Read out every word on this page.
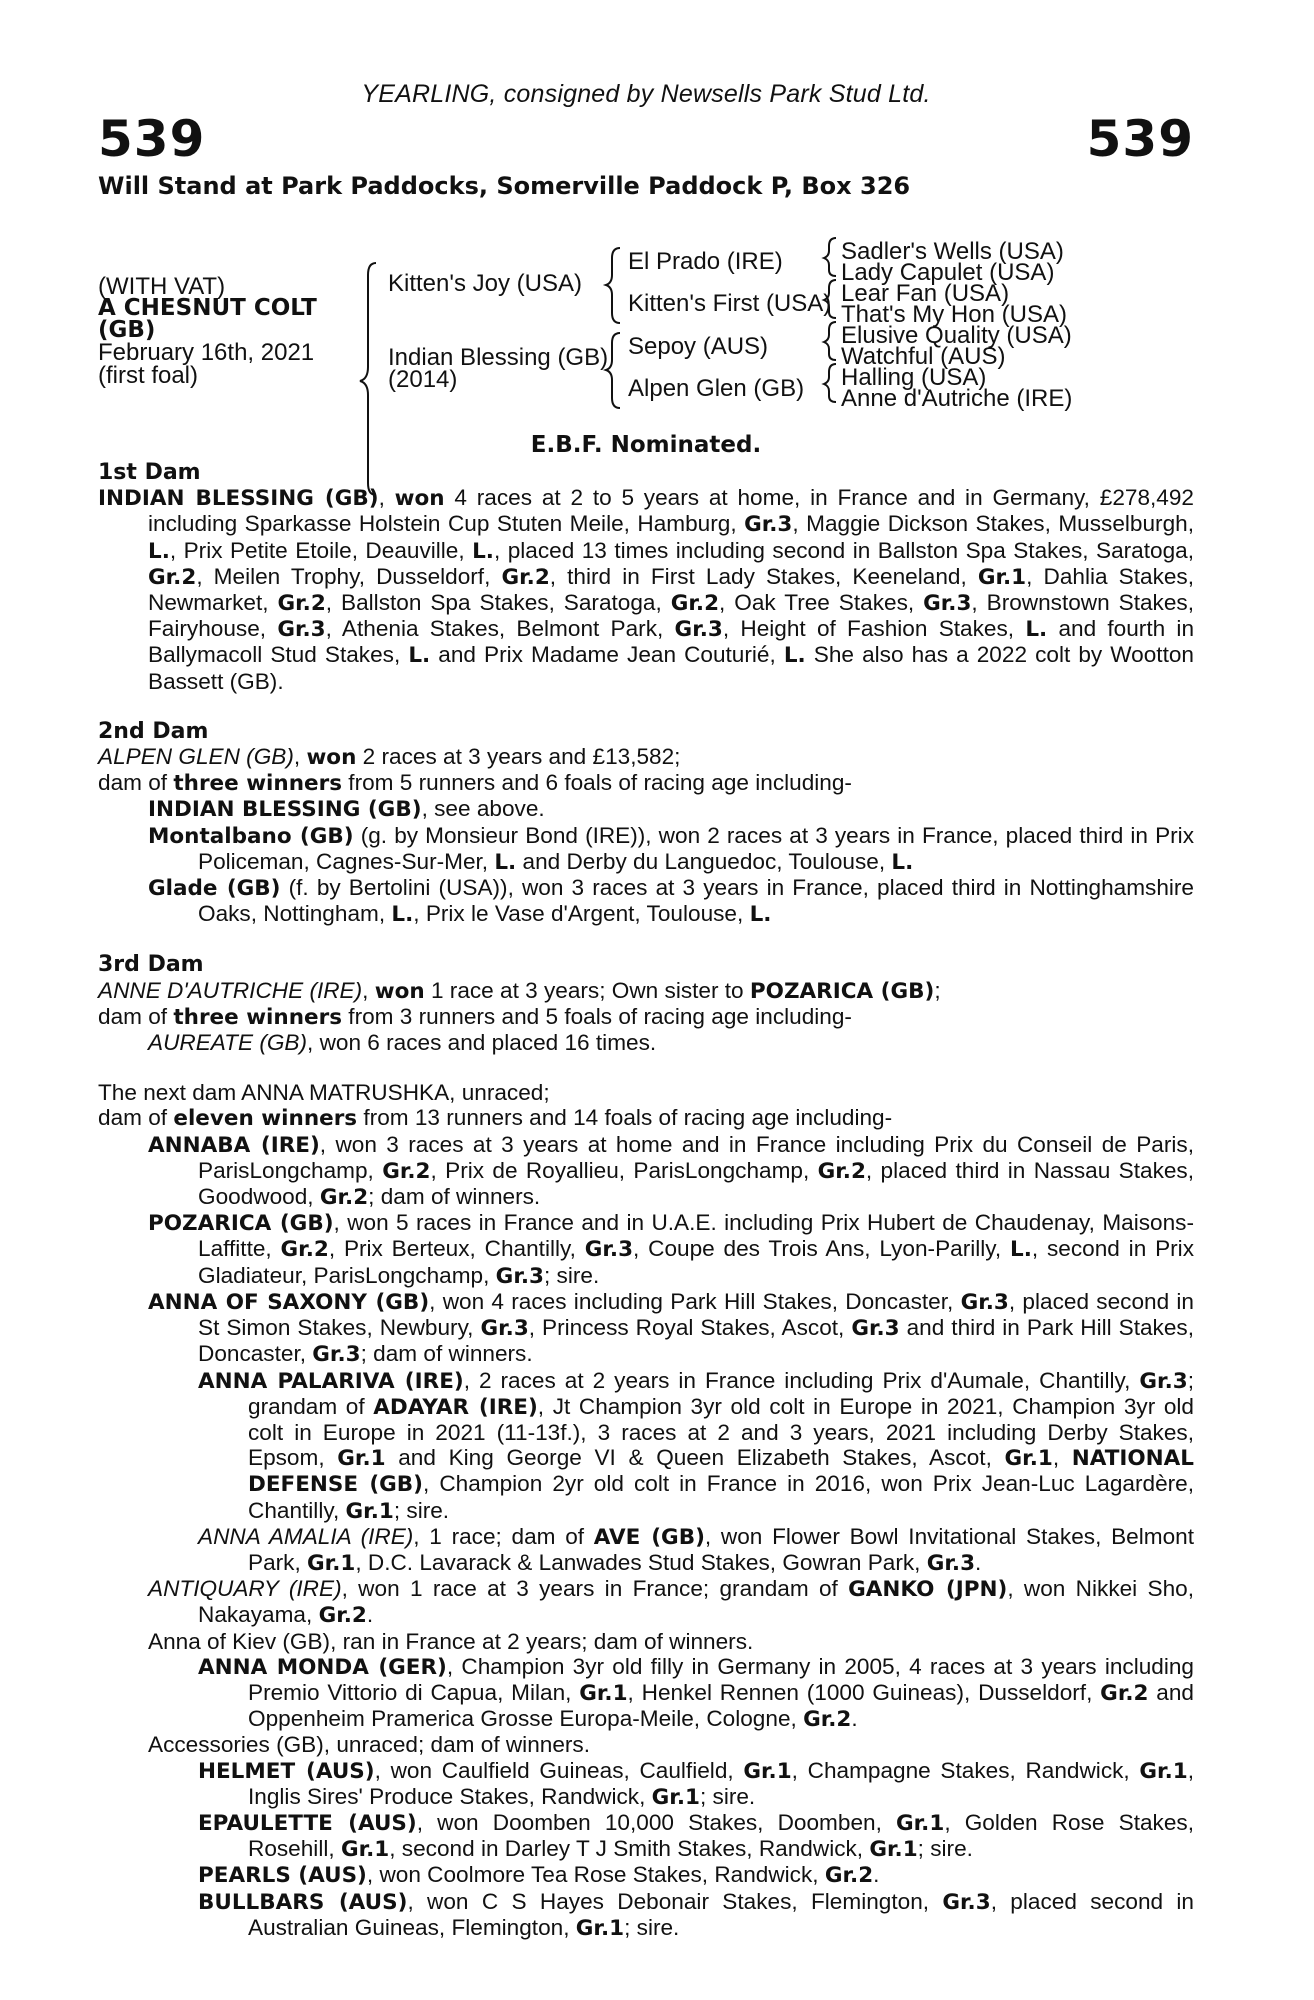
YEARLING, consigned by Newsells Park Stud Ltd.
539	539
Will Stand at Park Paddocks, Somerville Paddock P, Box 326
(WITH VAT)
A CHESNUT COLT
(GB)
February 16th, 2021
(first foal)
Kitten's Joy (USA)
Indian Blessing (GB)
(2014)
El Prado (IRE)
Kitten's First (USA)
Sepoy (AUS)
Alpen Glen (GB)
Sadler's Wells (USA)
Lady Capulet (USA)
Lear Fan (USA)
That's My Hon (USA)
Elusive Quality (USA)
Watchful (AUS)
Halling (USA)
Anne d'Autriche (IRE)
E.B.F. Nominated.
1st Dam
INDIAN BLESSING (GB), won 4 races at 2 to 5 years at home, in France and in Germany, £278,492 including Sparkasse Holstein Cup Stuten Meile, Hamburg, Gr.3, Maggie Dickson Stakes, Musselburgh, L., Prix Petite Etoile, Deauville, L., placed 13 times including second in Ballston Spa Stakes, Saratoga, Gr.2, Meilen Trophy, Dusseldorf, Gr.2, third in First Lady Stakes, Keeneland, Gr.1, Dahlia Stakes, Newmarket, Gr.2, Ballston Spa Stakes, Saratoga, Gr.2, Oak Tree Stakes, Gr.3, Brownstown Stakes, Fairyhouse, Gr.3, Athenia Stakes, Belmont Park, Gr.3, Height of Fashion Stakes, L. and fourth in Ballymacoll Stud Stakes, L. and Prix Madame Jean Couturié, L. She also has a 2022 colt by Wootton Bassett (GB).
2nd Dam
ALPEN GLEN (GB), won 2 races at 3 years and £13,582;
dam of three winners from 5 runners and 6 foals of racing age including-
INDIAN BLESSING (GB), see above.
Montalbano (GB) (g. by Monsieur Bond (IRE)), won 2 races at 3 years in France, placed third in Prix Policeman, Cagnes-Sur-Mer, L. and Derby du Languedoc, Toulouse, L.
Glade (GB) (f. by Bertolini (USA)), won 3 races at 3 years in France, placed third in Nottinghamshire Oaks, Nottingham, L., Prix le Vase d'Argent, Toulouse, L.
3rd Dam
ANNE D'AUTRICHE (IRE), won 1 race at 3 years; Own sister to POZARICA (GB);
dam of three winners from 3 runners and 5 foals of racing age including-
AUREATE (GB), won 6 races and placed 16 times.
The next dam ANNA MATRUSHKA, unraced;
dam of eleven winners from 13 runners and 14 foals of racing age including-
ANNABA (IRE), won 3 races at 3 years at home and in France including Prix du Conseil de Paris, ParisLongchamp, Gr.2, Prix de Royallieu, ParisLongchamp, Gr.2, placed third in Nassau Stakes, Goodwood, Gr.2; dam of winners.
POZARICA (GB), won 5 races in France and in U.A.E. including Prix Hubert de Chaudenay, Maisons-Laffitte, Gr.2, Prix Berteux, Chantilly, Gr.3, Coupe des Trois Ans, Lyon-Parilly, L., second in Prix Gladiateur, ParisLongchamp, Gr.3; sire.
ANNA OF SAXONY (GB), won 4 races including Park Hill Stakes, Doncaster, Gr.3, placed second in St Simon Stakes, Newbury, Gr.3, Princess Royal Stakes, Ascot, Gr.3 and third in Park Hill Stakes, Doncaster, Gr.3; dam of winners.
ANNA PALARIVA (IRE), 2 races at 2 years in France including Prix d'Aumale, Chantilly, Gr.3; grandam of ADAYAR (IRE), Jt Champion 3yr old colt in Europe in 2021, Champion 3yr old colt in Europe in 2021 (11-13f.), 3 races at 2 and 3 years, 2021 including Derby Stakes, Epsom, Gr.1 and King George VI & Queen Elizabeth Stakes, Ascot, Gr.1, NATIONAL DEFENSE (GB), Champion 2yr old colt in France in 2016, won Prix Jean-Luc Lagardère, Chantilly, Gr.1; sire.
ANNA AMALIA (IRE), 1 race; dam of AVE (GB), won Flower Bowl Invitational Stakes, Belmont Park, Gr.1, D.C. Lavarack & Lanwades Stud Stakes, Gowran Park, Gr.3.
ANTIQUARY (IRE), won 1 race at 3 years in France; grandam of GANKO (JPN), won Nikkei Sho, Nakayama, Gr.2.
Anna of Kiev (GB), ran in France at 2 years; dam of winners.
ANNA MONDA (GER), Champion 3yr old filly in Germany in 2005, 4 races at 3 years including Premio Vittorio di Capua, Milan, Gr.1, Henkel Rennen (1000 Guineas), Dusseldorf, Gr.2 and Oppenheim Pramerica Grosse Europa-Meile, Cologne, Gr.2.
Accessories (GB), unraced; dam of winners.
HELMET (AUS), won Caulfield Guineas, Caulfield, Gr.1, Champagne Stakes, Randwick, Gr.1, Inglis Sires' Produce Stakes, Randwick, Gr.1; sire.
EPAULETTE (AUS), won Doomben 10,000 Stakes, Doomben, Gr.1, Golden Rose Stakes, Rosehill, Gr.1, second in Darley T J Smith Stakes, Randwick, Gr.1; sire.
PEARLS (AUS), won Coolmore Tea Rose Stakes, Randwick, Gr.2.
BULLBARS (AUS), won C S Hayes Debonair Stakes, Flemington, Gr.3, placed second in Australian Guineas, Flemington, Gr.1; sire.
